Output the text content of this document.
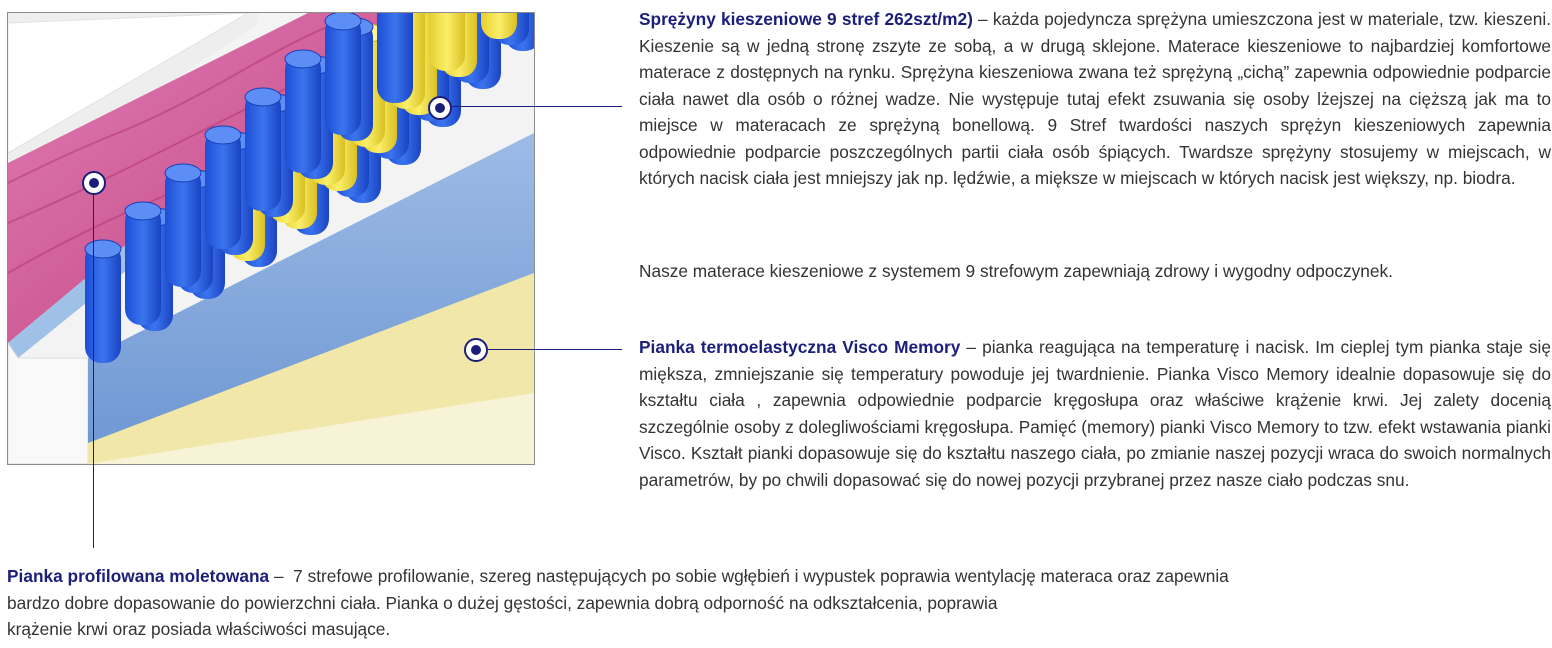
Sprężyny kieszeniowe 9 stref 262szt/m2) – każda pojedyncza sprężyna umieszczona jest w materiale, tzw. kieszeni. Kieszenie są w jedną stronę zszyte ze sobą, a w drugą sklejone. Materace kieszeniowe to najbardziej komfortowe materace z dostępnych na rynku. Sprężyna kieszeniowa zwana też sprężyną „cichą” zapewnia odpowiednie podparcie ciała nawet dla osób o różnej wadze. Nie występuje tutaj efekt zsuwania się osoby lżejszej na cięższą jak ma to miejsce w materacach ze sprężyną bonellową. 9 Stref twardości naszych sprężyn kieszeniowych zapewnia odpowiednie podparcie poszczególnych partii ciała osób śpiących. Twardsze sprężyny stosujemy w miejscach, w których nacisk ciała jest mniejszy jak np. lędźwie, a miększe w miejscach w których nacisk jest większy, np. biodra.

Nasze materace kieszeniowe z systemem 9 strefowym zapewniają zdrowy i wygodny odpoczynek.

Pianka termoelastyczna Visco Memory – pianka reagująca na temperaturę i nacisk. Im cieplej tym pianka staje się miększa, zmniejszanie się temperatury powoduje jej twardnienie. Pianka Visco Memory idealnie dopasowuje się do kształtu ciała , zapewnia odpowiednie podparcie kręgosłupa oraz właściwe krążenie krwi. Jej zalety docenią szczególnie osoby z dolegliwościami kręgosłupa. Pamięć (memory) pianki Visco Memory to tzw. efekt wstawania pianki Visco. Kształt pianki dopasowuje się do kształtu naszego ciała, po zmianie naszej pozycji wraca do swoich normalnych parametrów, by po chwili dopasować się do nowej pozycji przybranej przez nasze ciało podczas snu.

Pianka profilowana moletowana –  7 strefowe profilowanie, szereg następujących po sobie wgłębień i wypustek poprawia wentylację materaca oraz zapewnia
bardzo dobre dopasowanie do powierzchni ciała. Pianka o dużej gęstości, zapewnia dobrą odporność na odkształcenia, poprawia
krążenie krwi oraz posiada właściwości masujące.
